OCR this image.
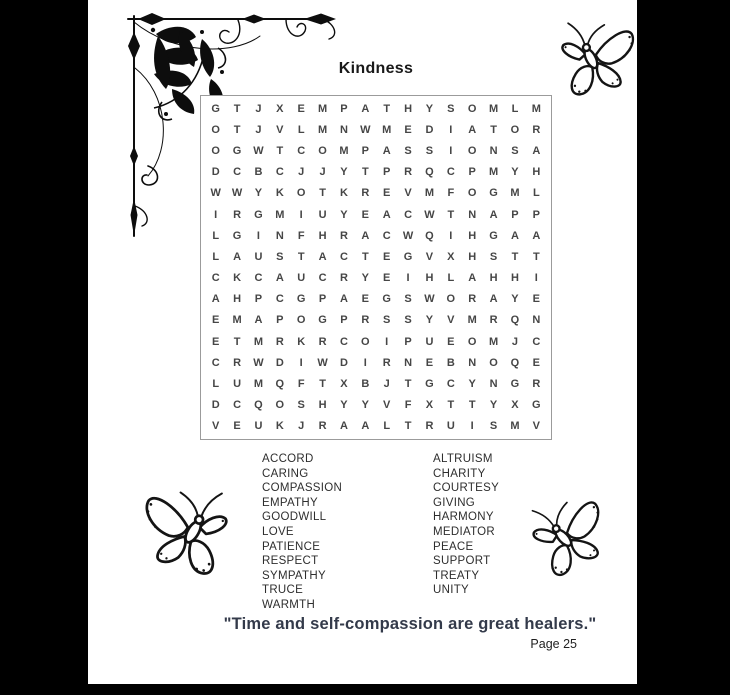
Kindness
G	T	J	X	E	M	P	A	T	H	Y	S	O	M	L	M
O	T	J	V	L	M	N	W	M	E	D	I	A	T	O	R
O	G	W	T	C	O	M	P	A	S	S	I	O	N	S	A
D	C	B	C	J	J	Y	T	P	R	Q	C	P	M	Y	H
W W	Y	K	O	T	K	R	E	V	M	F	O	G	M	L
I	R	G	M	I	U	Y	E	A	C	W	T	N	A	P	P
L	G	I	N	F	H	R	A	C	W	Q	I	H	G	A	A
L	A	U	S	T	A	C	T	E	G	V	X	H	S	T	T
C	K	C	A	U	C	R	Y	E	I	H	L	A	H	H	I
A	H	P	C	G	P	A	E	G	S	W	O	R	A	Y	E
E	M	A	P	O	G	P	R	S	S	Y	V	M	R	Q	N
E	T	M	R	K	R	C	O	I	P	U	E	O	M	J	C
C	R	W	D	I	W	D	I	R	N	E	B	N	O	Q	E
L	U	M	Q	F	T	X	B	J	T	G	C	Y	N	G	R
D	C	Q	O	S	H	Y	Y	V	F	X	T	T	Y	X	G
V	E	U	K	J	R	A	A	L	T	R	U	I	S	M	V
ACCORD
CARING
COMPASSION
EMPATHY
GOODWILL
LOVE
PATIENCE
RESPECT
SYMPATHY
TRUCE
WARMTH
ALTRUISM
CHARITY
COURTESY
GIVING
HARMONY
MEDIATOR
PEACE
SUPPORT
TREATY
UNITY
"Time and self-compassion are great healers."
Page 25
